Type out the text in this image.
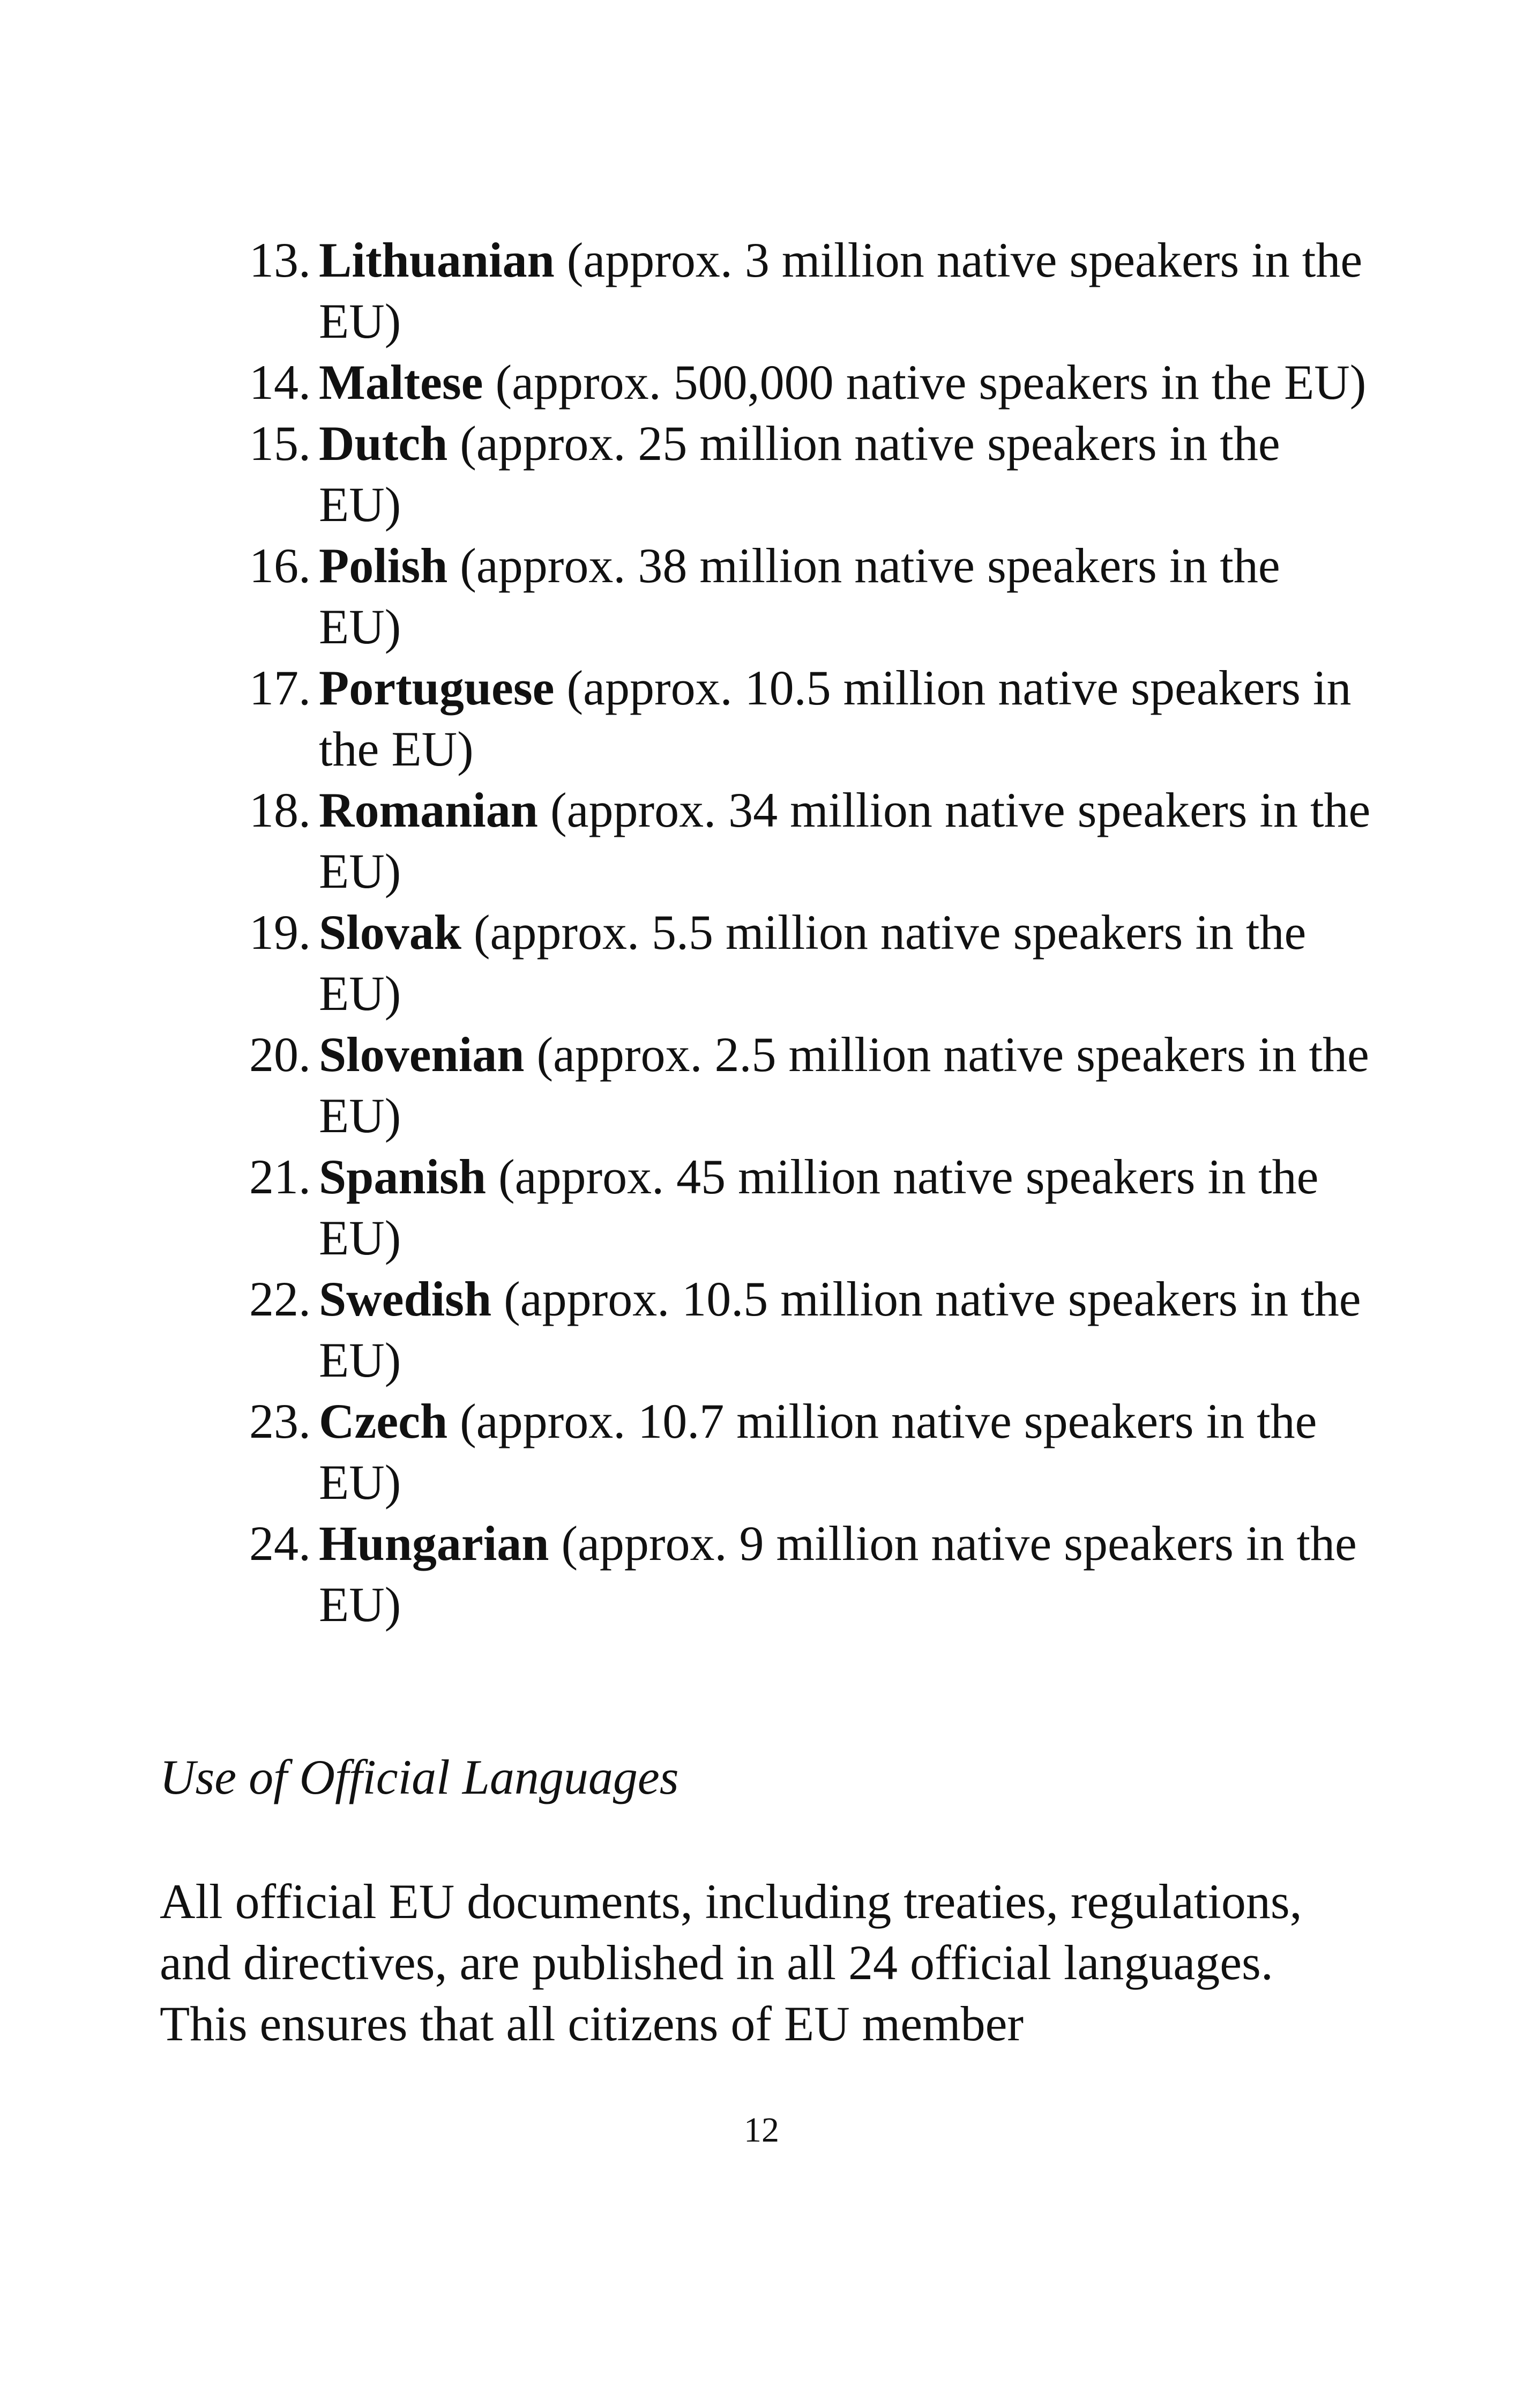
13. Lithuanian (approx. 3 million native speakers in the EU)
14. Maltese (approx. 500,000 native speakers in the EU)
15. Dutch (approx. 25 million native speakers in the EU)
16. Polish (approx. 38 million native speakers in the EU)
17. Portuguese (approx. 10.5 million native speakers in the EU)
18. Romanian (approx. 34 million native speakers in the EU)
19. Slovak (approx. 5.5 million native speakers in the EU)
20. Slovenian (approx. 2.5 million native speakers in the EU)
21. Spanish (approx. 45 million native speakers in the EU)
22. Swedish (approx. 10.5 million native speakers in the EU)
23. Czech (approx. 10.7 million native speakers in the EU)
24. Hungarian (approx. 9 million native speakers in the EU)

Use of Official Languages

All official EU documents, including treaties, regulations, and directives, are published in all 24 official languages. This ensures that all citizens of EU member

12
